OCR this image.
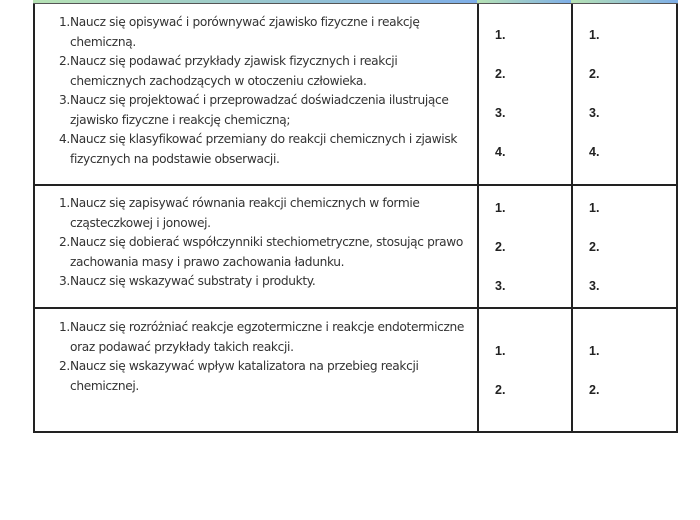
1. Naucz się opisywać i porównywać zjawisko fizyczne i reakcję chemiczną.
2. Naucz się podawać przykłady zjawisk fizycznych i reakcji chemicznych zachodzących w otoczeniu człowieka.
3. Naucz się projektować i przeprowadzać doświadczenia ilustrujące zjawisko fizyczne i reakcję chemiczną;
4. Naucz się klasyfikować przemiany do reakcji chemicznych i zjawisk fizycznych na podstawie obserwacji.
1.
2.
3.
4.
1.
2.
3.
4.
1. Naucz się zapisywać równania reakcji chemicznych w formie cząsteczkowej i jonowej.
2. Naucz się dobierać współczynniki stechiometryczne, stosując prawo zachowania masy i prawo zachowania ładunku.
3. Naucz się wskazywać substraty i produkty.
1.
2.
3.
1.
2.
3.
1. Naucz się rozróżniać reakcje egzotermiczne i reakcje endotermiczne oraz podawać przykłady takich reakcji.
2. Naucz się wskazywać wpływ katalizatora na przebieg reakcji chemicznej.
1.
2.
1.
2.
